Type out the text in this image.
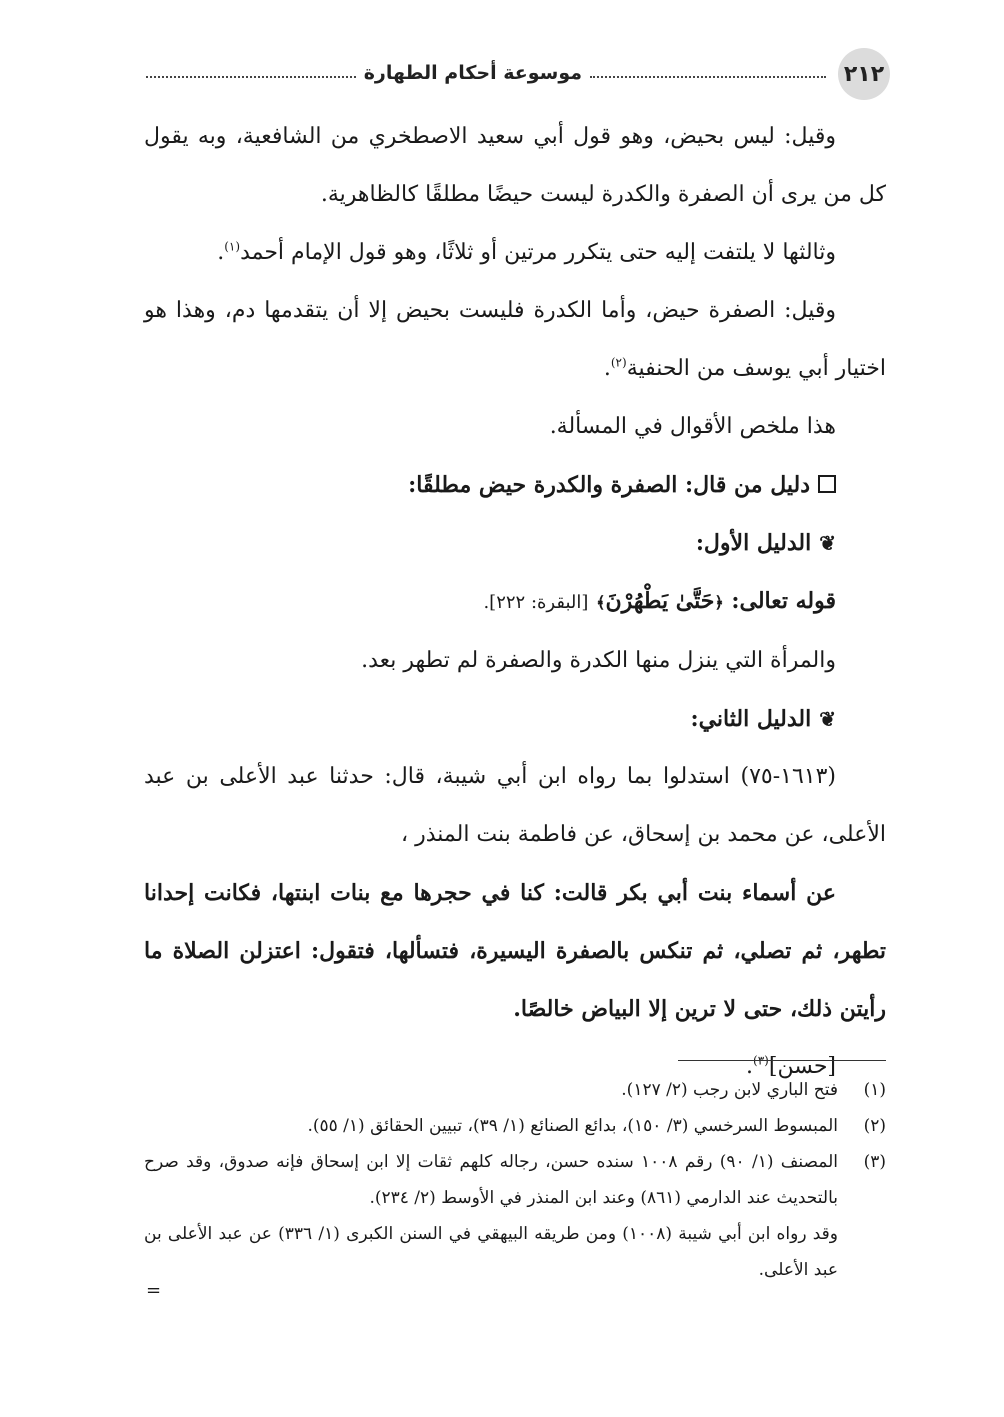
٢١٢
موسوعة أحكام الطهارة

وقيل: ليس بحيض، وهو قول أبي سعيد الاصطخري من الشافعية، وبه يقول كل من يرى أن الصفرة والكدرة ليست حيضًا مطلقًا كالظاهرية.

وثالثها لا يلتفت إليه حتى يتكرر مرتين أو ثلاثًا، وهو قول الإمام أحمد$^{(١)}$.

وقيل: الصفرة حيض، وأما الكدرة فليست بحيض إلا أن يتقدمها دم، وهذا هو اختيار أبي يوسف من الحنفية$^{(٢)}$.

هذا ملخص الأقوال في المسألة.

دليل من قال: الصفرة والكدرة حيض مطلقًا:

❦الدليل الأول:

قوله تعالى: ﴿حَتَّىٰ يَطْهُرْنَ﴾ [البقرة: ٢٢٢].

والمرأة التي ينزل منها الكدرة والصفرة لم تطهر بعد.

❦الدليل الثاني:

(١٦١٣-٧٥) استدلوا بما رواه ابن أبي شيبة، قال: حدثنا عبد الأعلى بن عبد الأعلى، عن محمد بن إسحاق، عن فاطمة بنت المنذر ،

عن أسماء بنت أبي بكر قالت: كنا في حجرها مع بنات ابنتها، فكانت إحدانا تطهر، ثم تصلي، ثم تنكس بالصفرة اليسيرة، فتسألها، فتقول: اعتزلن الصلاة ما رأيتن ذلك، حتى لا ترين إلا البياض خالصًا.

[حسن]$^{(٣)}$.

(١)
فتح الباري لابن رجب (٢/ ١٢٧).

(٢)
المبسوط السرخسي (٣/ ١٥٠)، بدائع الصنائع (١/ ٣٩)، تبيين الحقائق (١/ ٥٥).

(٣)
المصنف (١/ ٩٠) رقم ١٠٠٨ سنده حسن، رجاله كلهم ثقات إلا ابن إسحاق فإنه صدوق، وقد صرح بالتحديث عند الدارمي (٨٦١) وعند ابن المنذر في الأوسط (٢/ ٢٣٤).

وقد رواه ابن أبي شيبة (١٠٠٨) ومن طريقه البيهقي في السنن الكبرى (١/ ٣٣٦) عن عبد الأعلى بن عبد الأعلى.

=
